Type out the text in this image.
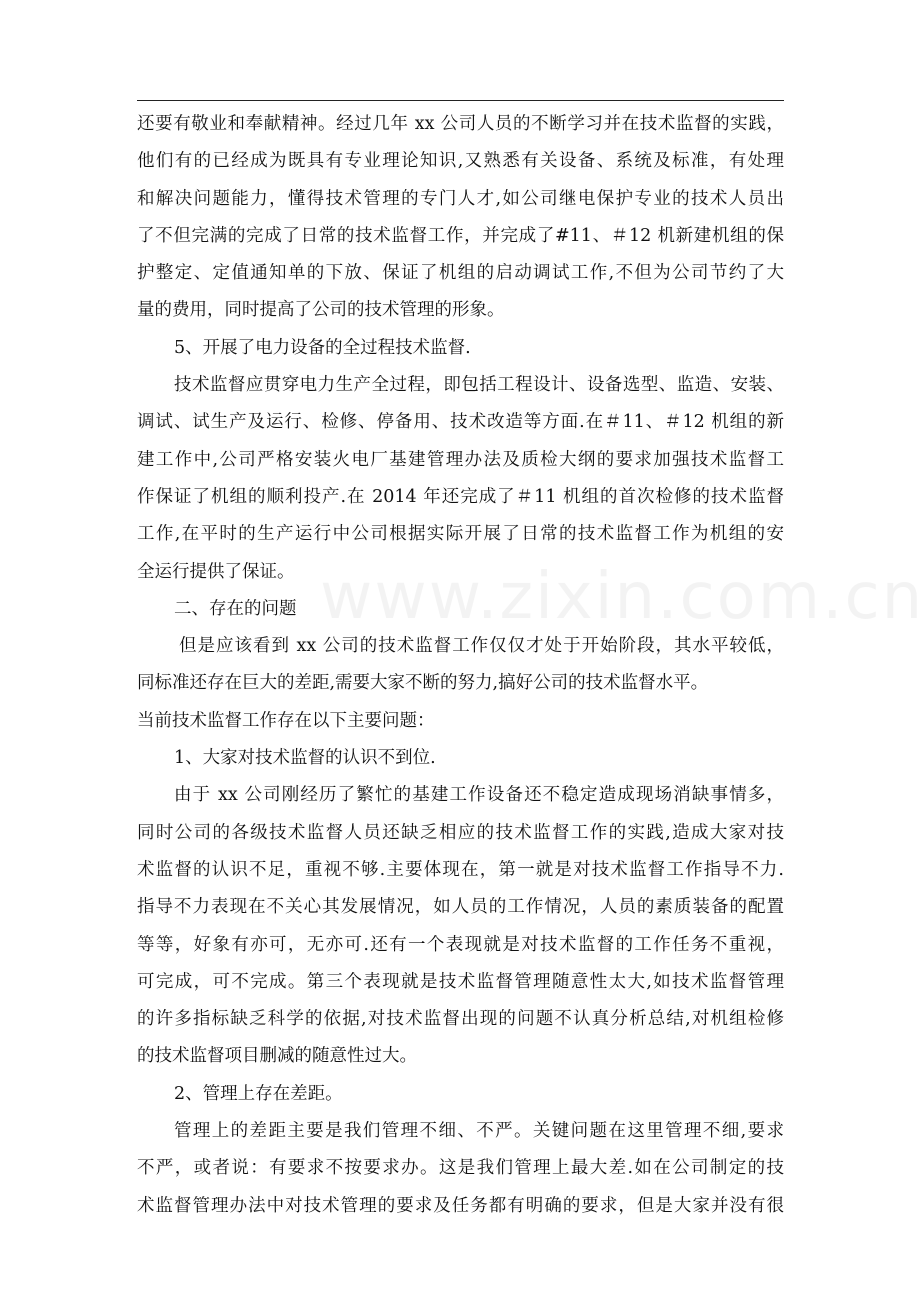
还要有敬业和奉献精神。经过几年 xx 公司人员的不断学习并在技术监督的实践，
他们有的已经成为既具有专业理论知识,又熟悉有关设备、系统及标准，有处理
和解决问题能力，懂得技术管理的专门人才,如公司继电保护专业的技术人员出
了不但完满的完成了日常的技术监督工作，并完成了#11、＃12 机新建机组的保
护整定、定值通知单的下放、保证了机组的启动调试工作,不但为公司节约了大
量的费用，同时提高了公司的技术管理的形象。
5、开展了电力设备的全过程技术监督.
技术监督应贯穿电力生产全过程，即包括工程设计、设备选型、监造、安装、
调试、试生产及运行、检修、停备用、技术改造等方面.在＃11、＃12 机组的新
建工作中,公司严格安装火电厂基建管理办法及质检大纲的要求加强技术监督工
作保证了机组的顺利投产.在 2014 年还完成了＃11 机组的首次检修的技术监督
工作,在平时的生产运行中公司根据实际开展了日常的技术监督工作为机组的安
全运行提供了保证。
二、存在的问题
但是应该看到 xx 公司的技术监督工作仅仅才处于开始阶段，其水平较低，
同标准还存在巨大的差距,需要大家不断的努力,搞好公司的技术监督水平。
当前技术监督工作存在以下主要问题：
1、大家对技术监督的认识不到位.
由于 xx 公司刚经历了繁忙的基建工作设备还不稳定造成现场消缺事情多，
同时公司的各级技术监督人员还缺乏相应的技术监督工作的实践,造成大家对技
术监督的认识不足，重视不够.主要体现在，第一就是对技术监督工作指导不力.
指导不力表现在不关心其发展情况，如人员的工作情况，人员的素质装备的配置
等等，好象有亦可，无亦可.还有一个表现就是对技术监督的工作任务不重视，
可完成，可不完成。第三个表现就是技术监督管理随意性太大,如技术监督管理
的许多指标缺乏科学的依据,对技术监督出现的问题不认真分析总结,对机组检修
的技术监督项目删减的随意性过大。
2、管理上存在差距。
管理上的差距主要是我们管理不细、不严。关键问题在这里管理不细,要求
不严，或者说：有要求不按要求办。这是我们管理上最大差.如在公司制定的技
术监督管理办法中对技术管理的要求及任务都有明确的要求，但是大家并没有很
